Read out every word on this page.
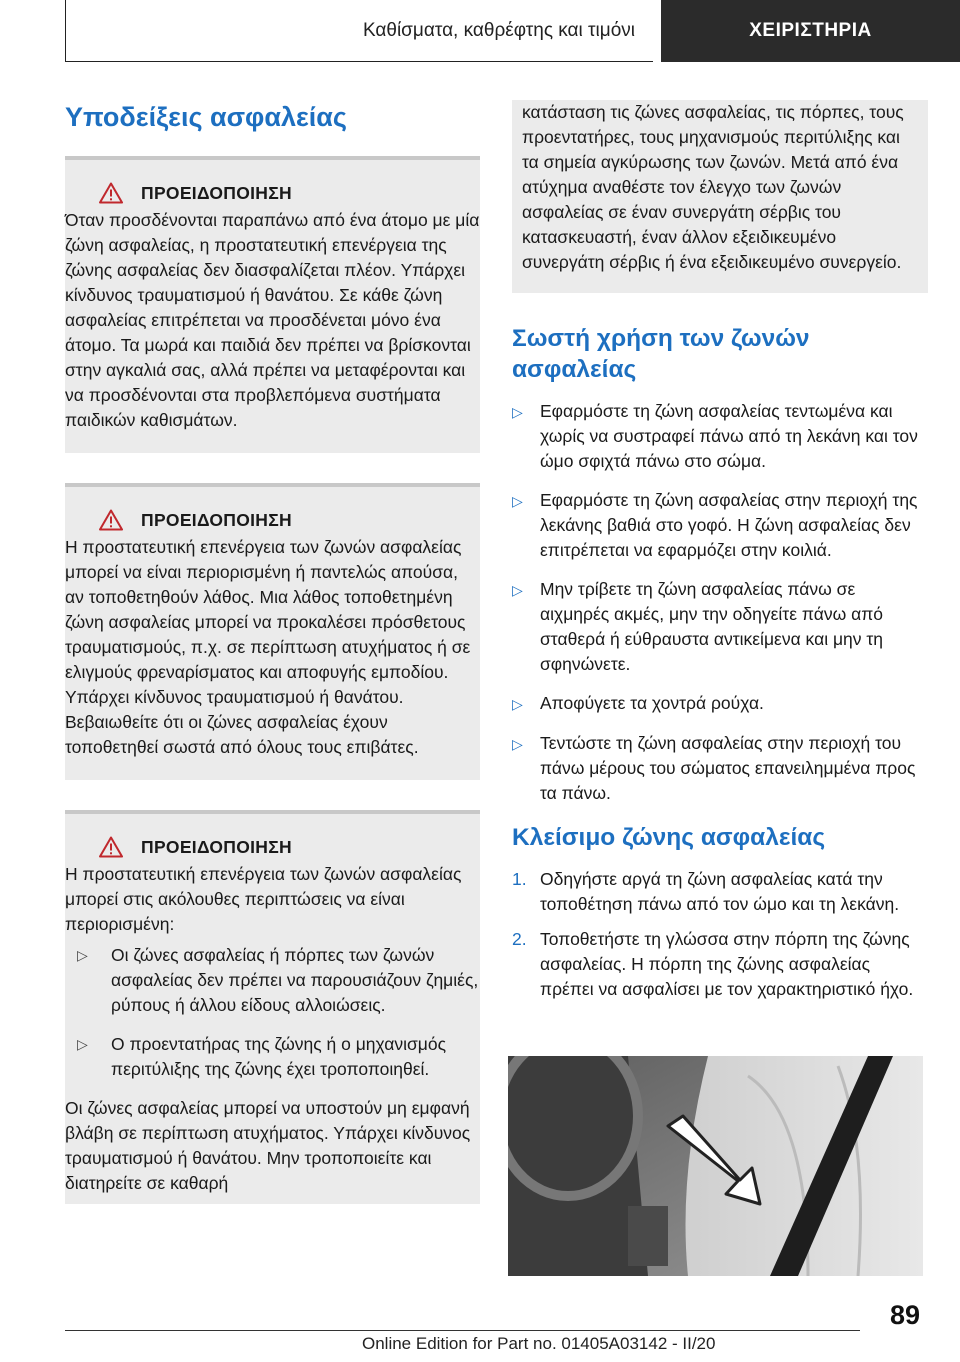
Καθίσματα, καθρέφτης και τιμόνι	ΧΕΙΡΙΣΤΗΡΙΑ
Υποδείξεις ασφαλείας
ΠΡΟΕΙΔΟΠΟΙΗΣΗ

Όταν προσδένονται παραπάνω από ένα άτομο με μία ζώνη ασφαλείας, η προστατευτική επενέργεια της ζώνης ασφαλείας δεν διασφαλίζεται πλέον. Υπάρχει κίνδυνος τραυματισμού ή θανάτου. Σε κάθε ζώνη ασφαλείας επιτρέπεται να προσδένεται μόνο ένα άτομο. Τα μωρά και παιδιά δεν πρέπει να βρίσκονται στην αγκαλιά σας, αλλά πρέπει να μεταφέρονται και να προσδένονται στα προβλεπόμενα συστήματα παιδικών καθισμάτων.

ΠΡΟΕΙΔΟΠΟΙΗΣΗ

Η προστατευτική επενέργεια των ζωνών ασφαλείας μπορεί να είναι περιορισμένη ή παντελώς απούσα, αν τοποθετηθούν λάθος. Μια λάθος τοποθετημένη ζώνη ασφαλείας μπορεί να προκαλέσει πρόσθετους τραυματισμούς, π.χ. σε περίπτωση ατυχήματος ή σε ελιγμούς φρεναρίσματος και αποφυγής εμποδίου. Υπάρχει κίνδυνος τραυματισμού ή θανάτου. Βεβαιωθείτε ότι οι ζώνες ασφαλείας έχουν τοποθετηθεί σωστά από όλους τους επιβάτες.

ΠΡΟΕΙΔΟΠΟΙΗΣΗ

Η προστατευτική επενέργεια των ζωνών ασφαλείας μπορεί στις ακόλουθες περιπτώσεις να είναι περιορισμένη:

▷	Οι ζώνες ασφαλείας ή πόρπες των ζωνών ασφαλείας δεν πρέπει να παρουσιάζουν ζημιές, ρύπους ή άλλου είδους αλλοιώσεις.
▷	Ο προεντατήρας της ζώνης ή ο μηχανισμός περιτύλιξης της ζώνης έχει τροποποιηθεί.

Οι ζώνες ασφαλείας μπορεί να υποστούν μη εμφανή βλάβη σε περίπτωση ατυχήματος. Υπάρχει κίνδυνος τραυματισμού ή θανάτου. Μην τροποποιείτε και διατηρείτε σε καθαρή

κατάσταση τις ζώνες ασφαλείας, τις πόρπες, τους προεντατήρες, τους μηχανισμούς περιτύλιξης και τα σημεία αγκύρωσης των ζωνών. Μετά από ένα ατύχημα αναθέστε τον έλεγχο των ζωνών ασφαλείας σε έναν συνεργάτη σέρβις του κατασκευαστή, έναν άλλον εξειδικευμένο συνεργάτη σέρβις ή ένα εξειδικευμένο συνεργείο.

Σωστή χρήση των ζωνών ασφαλείας
▷ Εφαρμόστε τη ζώνη ασφαλείας τεντωμένα και χωρίς να συστραφεί πάνω από τη λεκάνη και τον ώμο σφιχτά πάνω στο σώμα.
▷ Εφαρμόστε τη ζώνη ασφαλείας στην περιοχή της λεκάνης βαθιά στο γοφό. Η ζώνη ασφαλείας δεν επιτρέπεται να εφαρμόζει στην κοιλιά.
▷ Μην τρίβετε τη ζώνη ασφαλείας πάνω σε αιχμηρές ακμές, μην την οδηγείτε πάνω από σταθερά ή εύθραυστα αντικείμενα και μην τη σφηνώνετε.
▷ Αποφύγετε τα χοντρά ρούχα.
▷ Τεντώστε τη ζώνη ασφαλείας στην περιοχή του πάνω μέρους του σώματος επανειλημμένα προς τα πάνω.
Κλείσιμο ζώνης ασφαλείας
1. Οδηγήστε αργά τη ζώνη ασφαλείας κατά την τοποθέτηση πάνω από τον ώμο και τη λεκάνη.
2. Τοποθετήστε τη γλώσσα στην πόρπη της ζώνης ασφαλείας. Η πόρπη της ζώνης ασφαλείας πρέπει να ασφαλίσει με τον χαρακτηριστικό ήχο.
89
Online Edition for Part no. 01405A03142 - II/20
